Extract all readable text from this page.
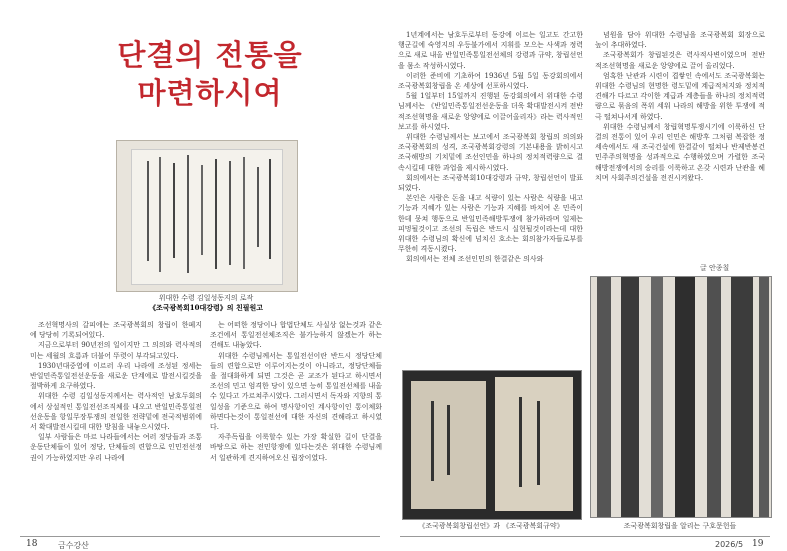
단결의 전통을
마련하시여
위대한 수령 김일성동지의 로작
《조국광복회10대강령》의 친필원고

조선혁명사의 갈피에는 조국광복회의 창립이 한페지에 당당히 기록되여있다.

지금으로부터 90년전의 일이지만 그 의의와 력사적의미는 세월의 흐름과 더불어 뚜렷이 부각되고있다.

1930년대중엽에 이르러 우리 나라에 조성된 정세는 반일민족통일전선운동을 새로운 단계에로 발전시킬것을 절박하게 요구하였다.

위대한 수령 김일성동지께서는 력사적인 남호두회의에서 상설적인 통일전선조직체를 내오고 반일민족통일전선운동을 항일무장투쟁의 전일한 전략밑에 전국적범위에서 확대발전시킬데 대한 방침을 내놓으시였다.

일부 사람들은 마르 나라들에서는 여러 정당들과 조통운동단체들이 있어 정당, 단체들의 련합으로 인민전선정권이 가능하였지만 우리 나라에

는 어떠한 정당이나 합법단체도 사실상 없는것과 같은 조건에서 통일전선체조직은 불가능하지 않겠는가 하는 견해도 내놓았다.

위대한 수령님께서는 통일전선이란 반드시 정당단체들의 련합으로만 이루어지는것이 아니라고, 정당단체들을 절대화하게 되면 그것은 곧 교조가 된다고 하시면서 조선의 민고 엄격한 당이 있으면 능히 통일전선체를 내올수 있다고 가르쳐주시였다. 그러시면서 독자와 지향의 통일성을 기준으로 하여 명사항이인 계사항이인 통이체화하면다는것이 통일전선에 대한 자신의 견해라고 하시였다.

자주독립을 이룩할수 있는 가장 확실한 길이 단결을 바탕으로 하는 전민항쟁에 있다는것은 위대한 수령님께서 일관하게 견지하여오신 립장이였다.

18	금수강산

1년계에서는 남호두로부터 동강에 이르는 일고도 간고한 행군길에 숙영지의 우등불가에서 지휘를 모으는 사색과 정력으로 새로 내올 반일민족통일전선체의 강령과 규약, 창립선언을 몸소 작성하시였다.

이러한 준비에 기초하여 1936년 5월 5일 동강회의에서 조국광복회창립을 온 세상에 선포하시였다.

5월 1일부터 15일까지 진행된 동강회의에서 위대한 수령님께서는 《반일민족통일전선운동을 더욱 확대발전시켜 전반적조선혁명을 새로운 앙양에로 이끌어올리자》라는 력사적인 보고를 하시였다.

위대한 수령님께서는 보고에서 조국광복회 창립의 의의와 조국광복회의 성격, 조국광복회강령의 기본내용을 밝히시고 조국해방의 기치밑에 조선인민을 하나의 정치적력량으로 결속시킬데 대한 과업을 제시하시였다.

회의에서는 조국광복회10대강령과 규약, 창립선언이 발표되였다.

본인은 사람은 돈을 내고 식량이 있는 사람은 식량을 내고 기능과 지혜가 있는 사람은 기능과 지혜를 바치여 온 민족이 한데 뭉쳐 행동으로 반일민족해방투쟁에 참가하라며 일제는 피멍될것이고 조선의 독립은 반드시 실현될것이라는데 대한 위대한 수령님의 확신에 넘치신 호소는 회의참가자들로부를 무한히 격동시켰다.

회의에서는 전체 조선인민의 한결같은 의사와

념원을 담아 위대한 수령님을 조국광복회 회장으로 높이 추대하였다.

조국광복회가 창립된것은 력사적사변이였으며 전반적조선혁명을 새로운 앙양에로 끌어 올리었다.

엄혹한 난관과 시련이 겹쌓인 속에서도 조국광복회는 위대한 수령님의 현명한 령도밑에 계급적처지와 정치적견해가 다르고 각이한 계급과 계층들을 하나의 정치적력량으로 묶음의 폭위 세워 나라의 해방을 위한 투쟁에 적극 떨쳐나서게 하였다.

위대한 수령님께서 창립혁명투쟁시기에 이룩하신 단결의 전통이 있어 우리 인민은 해방후 그처럼 복잡한 정세속에서도 새 조국건설에 한결같이 떨쳐나 반제반봉건민주주의혁명을 성과적으로 수행하였으며 가렬한 조국해방전쟁에서의 승리를 이룩하고 온갖 시련과 난관을 헤치며 사회주의건설을 전진시켜왔다.

글 안종칠
《조국광복회창립선언》과 《조국광복회규약》	조국광복회창립을 알리는 구호문헌들
2026/5 19
